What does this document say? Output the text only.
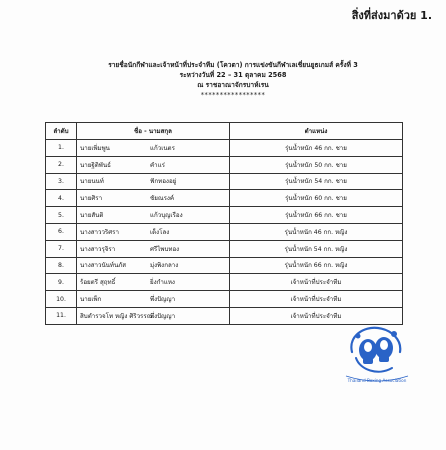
สิ่งที่ส่งมาด้วย 1.
รายชื่อนักกีฬาและเจ้าหน้าที่ประจำทีม (โควตา) การแข่งขันกีฬาเลเชี่ยนยูธเกมส์ ครั้งที่ 3
ระหว่างวันที่ 22 – 31 ตุลาคม 2568
ณ ราชอาณาจักรบาห์เรน
*****************
ลำดับ	ชื่อ - นามสกุล	ตำแหน่ง
1.	นายเพิ่มพูน แก้วเนตร	รุ่นน้ำหนัก 46 กก. ชาย
2.	นายฐิติพันธ์ คำแร่	รุ่นน้ำหนัก 50 กก. ชาย
3.	นายนนท์ ฟักทองอยู่	รุ่นน้ำหนัก 54 กก. ชาย
4.	นายศิรา ชัยณรงค์	รุ่นน้ำหนัก 60 กก. ชาย
5.	นายสันติ แก้วบุญเรือง	รุ่นน้ำหนัก 66 กก. ชาย
6.	นางสาววริศรา เด็งโลง	รุ่นน้ำหนัก 46 กก. หญิง
7.	นางสาวรุจิรา ศรีไพบทอง	รุ่นน้ำหนัก 54 กก. หญิง
8.	นางสาวนันท์นภัส มุ่งพิงกลาง	รุ่นน้ำหนัก 66 กก. หญิง
9.	ร้อยตรี สุฤทธิ์ ยิ่งกำแหง	เจ้าหน้าที่ประจำทีม
10.	นายเพ็ก พึ่งปัญญา	เจ้าหน้าที่ประจำทีม
11.	สิบตำรวจโท หญิง ศิริวรรณพึ่งปัญญา	เจ้าหน้าที่ประจำทีม
Thailand Boxing Association
